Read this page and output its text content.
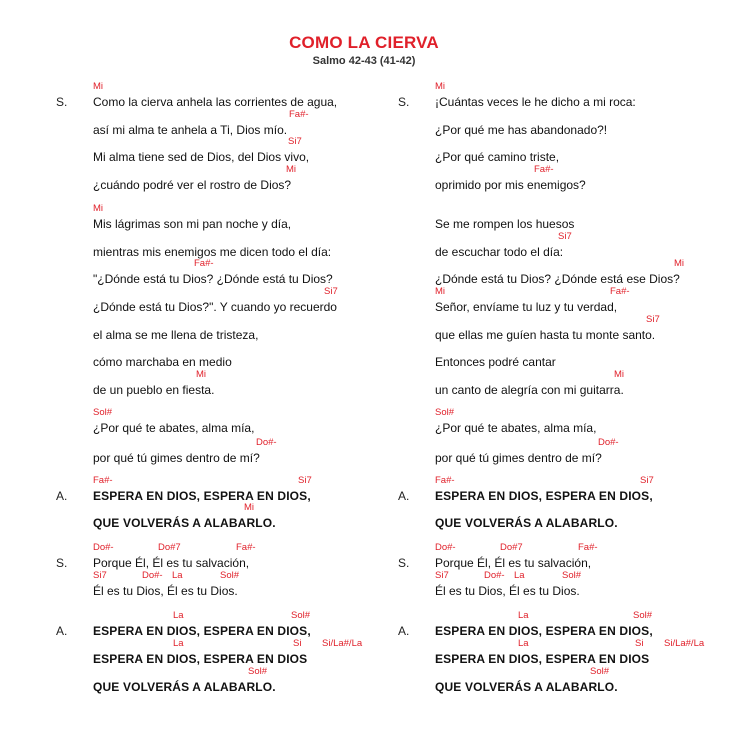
COMO LA CIERVA
Salmo 42-43 (41-42)
S. Como la cierva anhela las corrientes de agua,
Mi
así mi alma te anhela a Ti, Dios mío.
Fa#-
Mi alma tiene sed de Dios, del Dios vivo,
Si7
¿cuándo podré ver el rostro de Dios?
Mi
Mis lágrimas son mi pan noche y día,
Mi
mientras mis enemigos me dicen todo el día:
"¿Dónde está tu Dios? ¿Dónde está tu Dios?
Fa#-
¿Dónde está tu Dios?". Y cuando yo recuerdo
Si7
el alma se me llena de tristeza,
cómo marchaba en medio
de un pueblo en fiesta.
Mi
¿Por qué te abates, alma mía,
Sol#
por qué tú gimes dentro de mí?
Do#-
A. ESPERA EN DIOS, ESPERA EN DIOS,
Fa#-	Si7
QUE VOLVERÁS A ALABARLO.
Mi
S. Porque Él, Él es tu salvación,
Do#-	Do#7	Fa#-
Él es tu Dios, Él es tu Dios.
Si7	Do#- La	Sol#
A. ESPERA EN DIOS, ESPERA EN DIOS,
La	Sol#
ESPERA EN DIOS, ESPERA EN DIOS
La	Si Si/La#/La
QUE VOLVERÁS A ALABARLO.
Sol#
S. ¡Cuántas veces le he dicho a mi roca:
Mi
¿Por qué me has abandonado?!
¿Por qué camino triste,
oprimido por mis enemigos?
Fa#-
Se me rompen los huesos
de escuchar todo el día:
Si7
¿Dónde está tu Dios? ¿Dónde está ese Dios?
Mi
Señor, envíame tu luz y tu verdad,
Mi	Fa#-
que ellas me guíen hasta tu monte santo.
Si7
Entonces podré cantar
un canto de alegría con mi guitarra.
Mi
¿Por qué te abates, alma mía,
Sol#
por qué tú gimes dentro de mí?
Do#-
A. ESPERA EN DIOS, ESPERA EN DIOS,
Fa#-	Si7
QUE VOLVERÁS A ALABARLO.
S. Porque Él, Él es tu salvación,
Do#-	Do#7	Fa#-
Él es tu Dios, Él es tu Dios.
Si7	Do#- La	Sol#
A. ESPERA EN DIOS, ESPERA EN DIOS,
La	Sol#
ESPERA EN DIOS, ESPERA EN DIOS
La	Si Si/La#/La
QUE VOLVERÁS A ALABARLO.
Sol#
